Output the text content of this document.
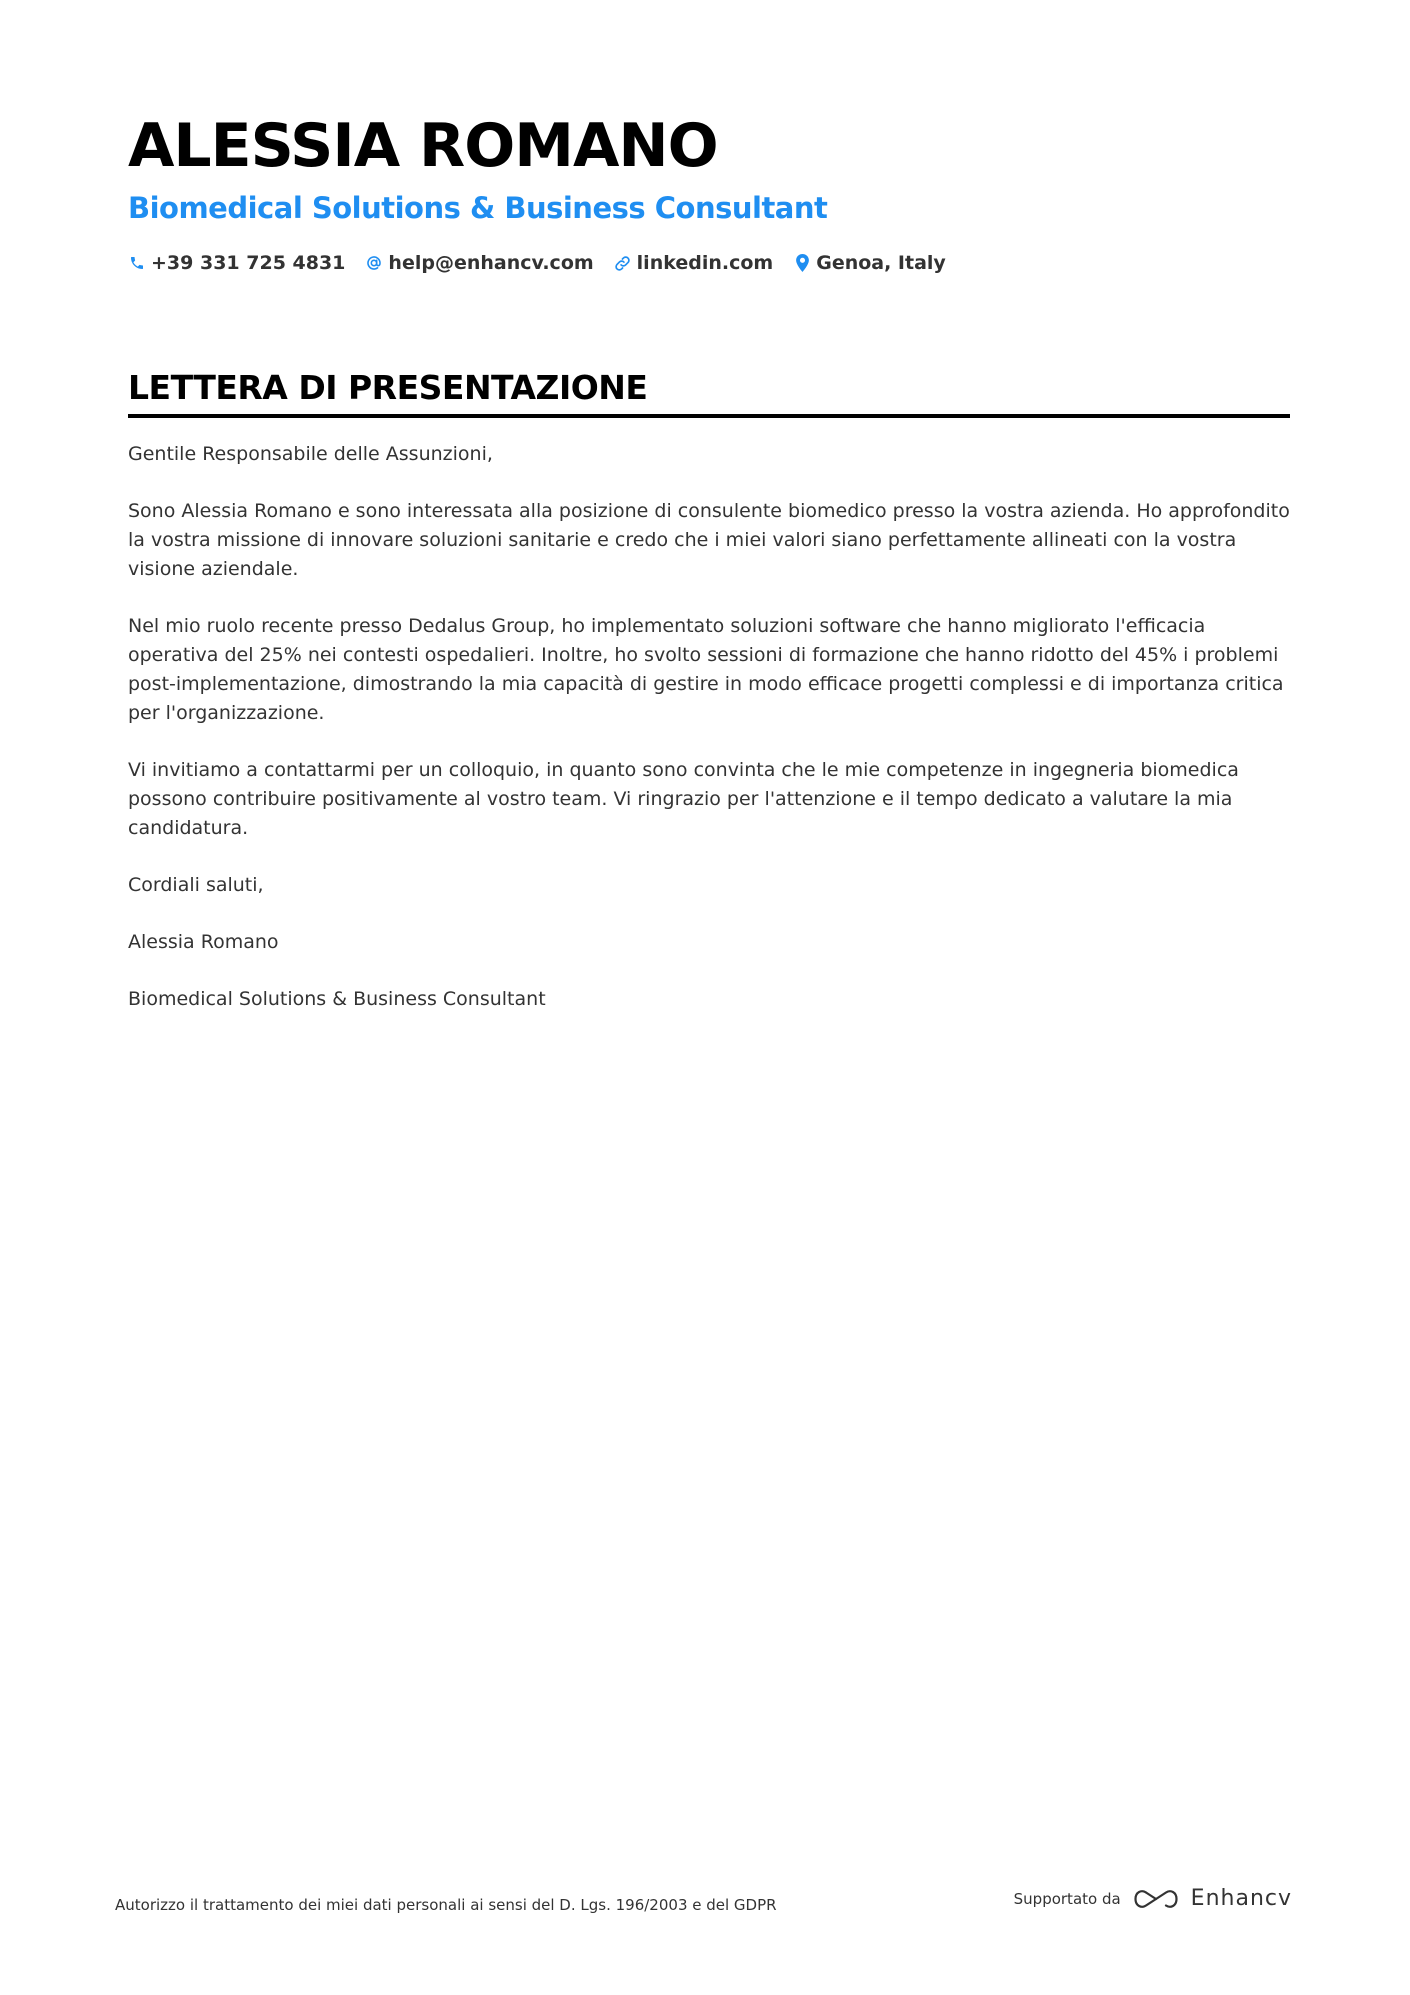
ALESSIA ROMANO
Biomedical Solutions & Business Consultant
+39 331 725 4831 help@enhancv.com linkedin.com Genoa, Italy
LETTERA DI PRESENTAZIONE

Gentile Responsabile delle Assunzioni,

Sono Alessia Romano e sono interessata alla posizione di consulente biomedico presso la vostra azienda. Ho approfondito la vostra missione di innovare soluzioni sanitarie e credo che i miei valori siano perfettamente allineati con la vostra visione aziendale.

Nel mio ruolo recente presso Dedalus Group, ho implementato soluzioni software che hanno migliorato l'efficacia operativa del 25% nei contesti ospedalieri. Inoltre, ho svolto sessioni di formazione che hanno ridotto del 45% i problemi post-implementazione, dimostrando la mia capacità di gestire in modo efficace progetti complessi e di importanza critica per l'organizzazione.

Vi invitiamo a contattarmi per un colloquio, in quanto sono convinta che le mie competenze in ingegneria biomedica possono contribuire positivamente al vostro team. Vi ringrazio per l'attenzione e il tempo dedicato a valutare la mia candidatura.

Cordiali saluti,

Alessia Romano

Biomedical Solutions & Business Consultant

Autorizzo il trattamento dei miei dati personali ai sensi del D. Lgs. 196/2003 e del GDPR	Supportato da	Enhancv
